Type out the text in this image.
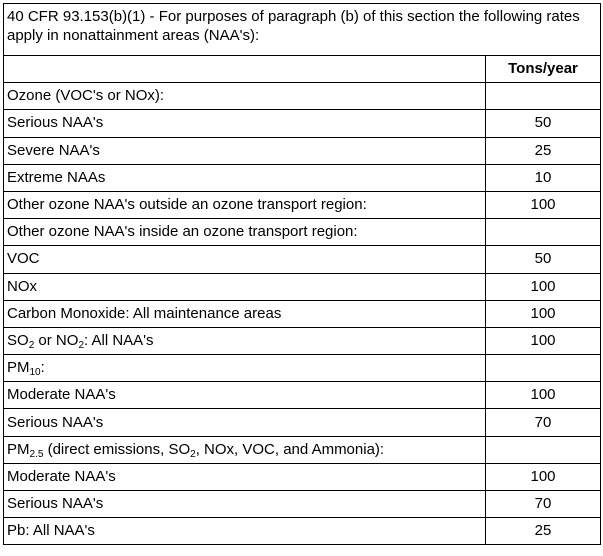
40 CFR 93.153(b)(1) - For purposes of paragraph (b) of this section the following rates apply in nonattainment areas (NAA's):	
	Tons/year
Ozone (VOC's or NOx):	
Serious NAA's	50
Severe NAA's	25
Extreme NAAs	10
Other ozone NAA's outside an ozone transport region:	100
Other ozone NAA's inside an ozone transport region:	
VOC	50
NOx	100
Carbon Monoxide: All maintenance areas	100
$SO_2$ or $NO_2$: All NAA's	100
$PM_{10}$:	
Moderate NAA's	100
Serious NAA's	70
$PM_{2.5}$ (direct emissions, $SO_2$, NOx, VOC, and Ammonia):	
Moderate NAA's	100
Serious NAA's	70
Pb: All NAA's	25
